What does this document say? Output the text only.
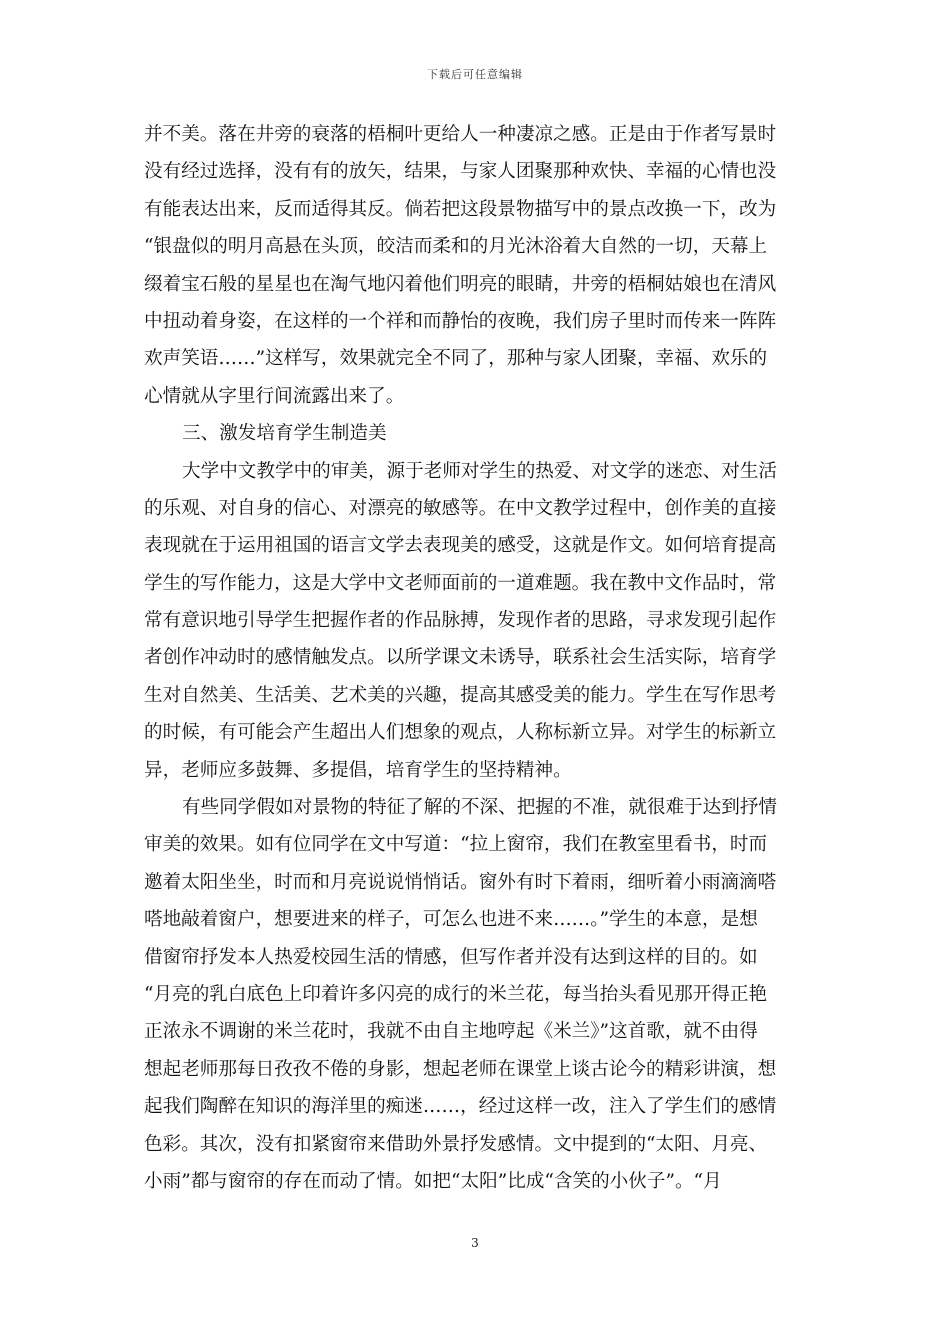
下载后可任意编辑
并不美。落在井旁的衰落的梧桐叶更给人一种凄凉之感。正是由于作者写景时
没有经过选择，没有有的放矢，结果，与家人团聚那种欢快、幸福的心情也没
有能表达出来，反而适得其反。倘若把这段景物描写中的景点改换一下，改为
“银盘似的明月高悬在头顶，皎洁而柔和的月光沐浴着大自然的一切，天幕上
缀着宝石般的星星也在淘气地闪着他们明亮的眼睛，井旁的梧桐姑娘也在清风
中扭动着身姿，在这样的一个祥和而静怡的夜晚，我们房子里时而传来一阵阵
欢声笑语……”这样写，效果就完全不同了，那种与家人团聚，幸福、欢乐的
心情就从字里行间流露出来了。
三、激发培育学生制造美
大学中文教学中的审美，源于老师对学生的热爱、对文学的迷恋、对生活
的乐观、对自身的信心、对漂亮的敏感等。在中文教学过程中，创作美的直接
表现就在于运用祖国的语言文学去表现美的感受，这就是作文。如何培育提高
学生的写作能力，这是大学中文老师面前的一道难题。我在教中文作品时，常
常有意识地引导学生把握作者的作品脉搏，发现作者的思路，寻求发现引起作
者创作冲动时的感情触发点。以所学课文未诱导，联系社会生活实际，培育学
生对自然美、生活美、艺术美的兴趣，提高其感受美的能力。学生在写作思考
的时候，有可能会产生超出人们想象的观点，人称标新立异。对学生的标新立
异，老师应多鼓舞、多提倡，培育学生的坚持精神。
有些同学假如对景物的特征了解的不深、把握的不准，就很难于达到抒情
审美的效果。如有位同学在文中写道：“拉上窗帘，我们在教室里看书，时而
邀着太阳坐坐，时而和月亮说说悄悄话。窗外有时下着雨，细听着小雨滴滴嗒
嗒地敲着窗户，想要进来的样子，可怎么也进不来……。”学生的本意，是想
借窗帘抒发本人热爱校园生活的情感，但写作者并没有达到这样的目的。如
“月亮的乳白底色上印着许多闪亮的成行的米兰花，每当抬头看见那开得正艳
正浓永不调谢的米兰花时，我就不由自主地哼起《米兰》”这首歌，就不由得
想起老师那每日孜孜不倦的身影，想起老师在课堂上谈古论今的精彩讲演，想
起我们陶醉在知识的海洋里的痴迷……，经过这样一改，注入了学生们的感情
色彩。其次，没有扣紧窗帘来借助外景抒发感情。文中提到的“太阳、月亮、
小雨”都与窗帘的存在而动了情。如把“太阳”比成“含笑的小伙子”。“月
3
